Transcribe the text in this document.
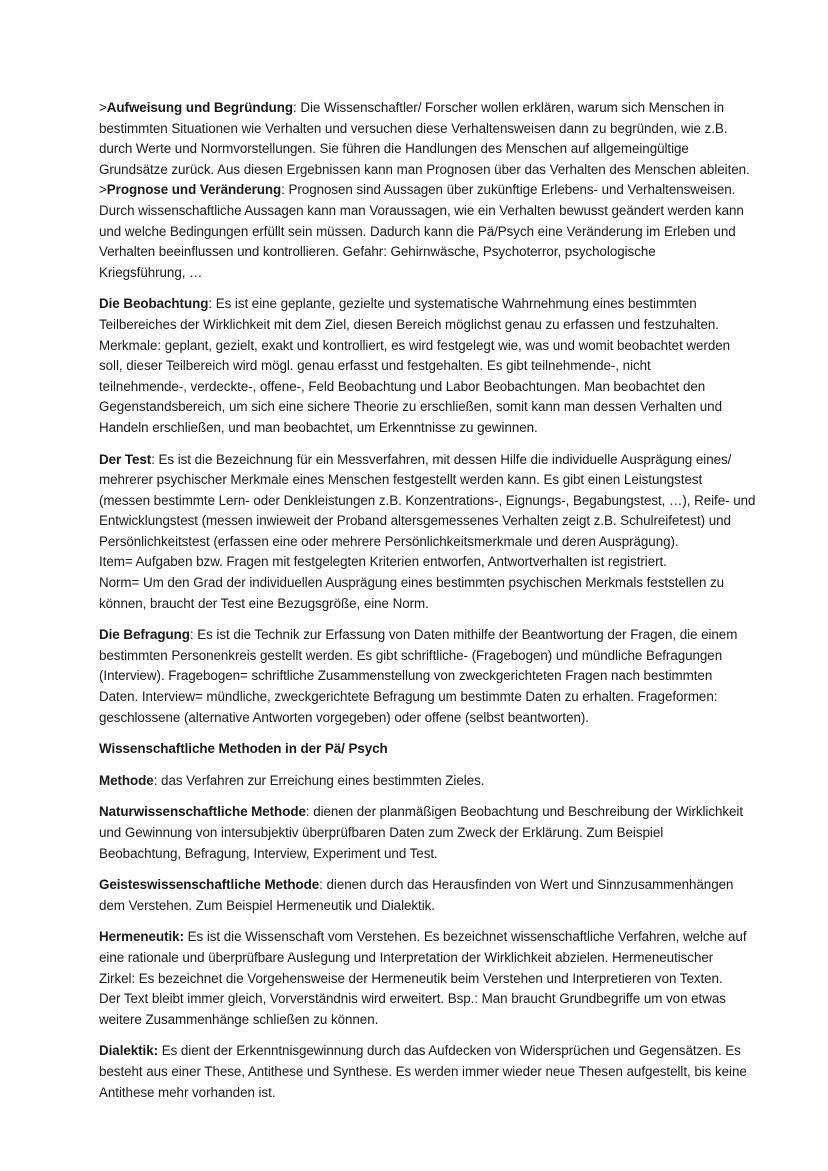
>Aufweisung und Begründung: Die Wissenschaftler/ Forscher wollen erklären, warum sich Menschen in
bestimmten Situationen wie Verhalten und versuchen diese Verhaltensweisen dann zu begründen, wie z.B.
durch Werte und Normvorstellungen. Sie führen die Handlungen des Menschen auf allgemeingültige
Grundsätze zurück. Aus diesen Ergebnissen kann man Prognosen über das Verhalten des Menschen ableiten.
>Prognose und Veränderung: Prognosen sind Aussagen über zukünftige Erlebens- und Verhaltensweisen.
Durch wissenschaftliche Aussagen kann man Voraussagen, wie ein Verhalten bewusst geändert werden kann
und welche Bedingungen erfüllt sein müssen. Dadurch kann die Pä/Psych eine Veränderung im Erleben und
Verhalten beeinflussen und kontrollieren. Gefahr: Gehirnwäsche, Psychoterror, psychologische
Kriegsführung, …

Die Beobachtung: Es ist eine geplante, gezielte und systematische Wahrnehmung eines bestimmten
Teilbereiches der Wirklichkeit mit dem Ziel, diesen Bereich möglichst genau zu erfassen und festzuhalten.
Merkmale: geplant, gezielt, exakt und kontrolliert, es wird festgelegt wie, was und womit beobachtet werden
soll, dieser Teilbereich wird mögl. genau erfasst und festgehalten. Es gibt teilnehmende-, nicht
teilnehmende-, verdeckte-, offene-, Feld Beobachtung und Labor Beobachtungen. Man beobachtet den
Gegenstandsbereich, um sich eine sichere Theorie zu erschließen, somit kann man dessen Verhalten und
Handeln erschließen, und man beobachtet, um Erkenntnisse zu gewinnen.

Der Test: Es ist die Bezeichnung für ein Messverfahren, mit dessen Hilfe die individuelle Ausprägung eines/
mehrerer psychischer Merkmale eines Menschen festgestellt werden kann. Es gibt einen Leistungstest
(messen bestimmte Lern- oder Denkleistungen z.B. Konzentrations-, Eignungs-, Begabungstest, …), Reife- und
Entwicklungstest (messen inwieweit der Proband altersgemessenes Verhalten zeigt z.B. Schulreifetest) und
Persönlichkeitstest (erfassen eine oder mehrere Persönlichkeitsmerkmale und deren Ausprägung).
Item= Aufgaben bzw. Fragen mit festgelegten Kriterien entworfen, Antwortverhalten ist registriert.
Norm= Um den Grad der individuellen Ausprägung eines bestimmten psychischen Merkmals feststellen zu
können, braucht der Test eine Bezugsgröße, eine Norm.

Die Befragung: Es ist die Technik zur Erfassung von Daten mithilfe der Beantwortung der Fragen, die einem
bestimmten Personenkreis gestellt werden. Es gibt schriftliche- (Fragebogen) und mündliche Befragungen
(Interview). Fragebogen= schriftliche Zusammenstellung von zweckgerichteten Fragen nach bestimmten
Daten. Interview= mündliche, zweckgerichtete Befragung um bestimmte Daten zu erhalten. Frageformen:
geschlossene (alternative Antworten vorgegeben) oder offene (selbst beantworten).

Wissenschaftliche Methoden in der Pä/ Psych

Methode: das Verfahren zur Erreichung eines bestimmten Zieles.

Naturwissenschaftliche Methode: dienen der planmäßigen Beobachtung und Beschreibung der Wirklichkeit
und Gewinnung von intersubjektiv überprüfbaren Daten zum Zweck der Erklärung. Zum Beispiel
Beobachtung, Befragung, Interview, Experiment und Test.

Geisteswissenschaftliche Methode: dienen durch das Herausfinden von Wert und Sinnzusammenhängen
dem Verstehen. Zum Beispiel Hermeneutik und Dialektik.

Hermeneutik: Es ist die Wissenschaft vom Verstehen. Es bezeichnet wissenschaftliche Verfahren, welche auf
eine rationale und überprüfbare Auslegung und Interpretation der Wirklichkeit abzielen. Hermeneutischer
Zirkel: Es bezeichnet die Vorgehensweise der Hermeneutik beim Verstehen und Interpretieren von Texten.
Der Text bleibt immer gleich, Vorverständnis wird erweitert. Bsp.: Man braucht Grundbegriffe um von etwas
weitere Zusammenhänge schließen zu können.

Dialektik: Es dient der Erkenntnisgewinnung durch das Aufdecken von Widersprüchen und Gegensätzen. Es
besteht aus einer These, Antithese und Synthese. Es werden immer wieder neue Thesen aufgestellt, bis keine
Antithese mehr vorhanden ist.
